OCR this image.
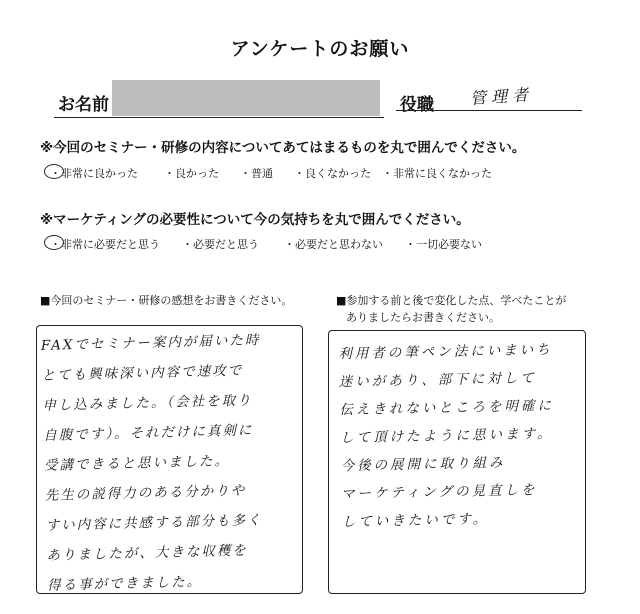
アンケートのお願い
お名前	役職 管理者
※今回のセミナー・研修の内容についてあてはまるものを丸で囲んでください。
・非常に良かった ・良かった ・普通 ・良くなかった ・非常に良くなかった
※マーケティングの必要性について今の気持ちを丸で囲んでください。
・非常に必要だと思う ・必要だと思う ・必要だと思わない ・一切必要ない
■今回のセミナー・研修の感想をお書きください。
FAXでセミナー案内が届いた時
とても興味深い内容で速攻で
申し込みました。（会社を取り
自腹です）。それだけに真剣に
受講できると思いました。
先生の説得力のある分かりや
すい内容に共感する部分も多く
ありましたが、大きな収穫を
得る事ができました。
■参加する前と後で変化した点、学べたことが
ありましたらお書きください。
利用者の筆ペン法にいまいち
迷いがあり、部下に対して
伝えきれないところを明確に
して頂けたように思います。
今後の展開に取り組み
マーケティングの見直しを
していきたいです。
